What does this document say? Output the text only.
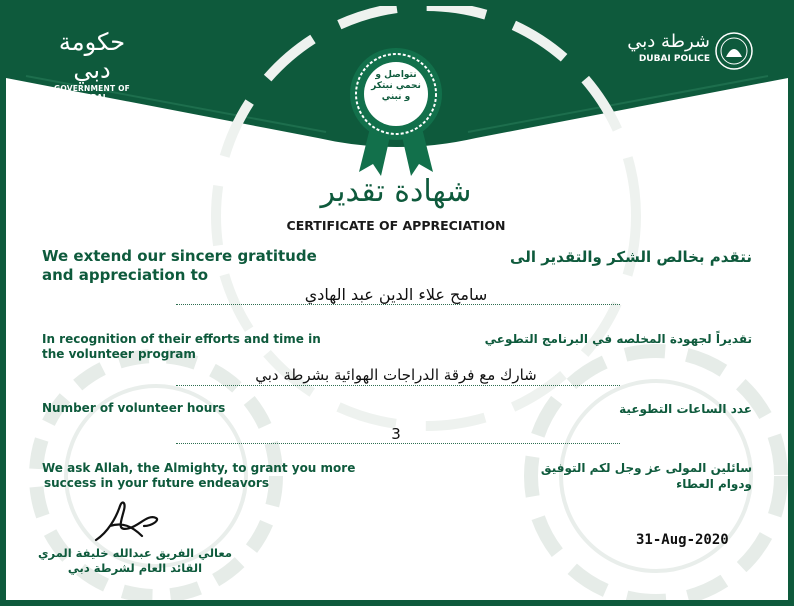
حكومة دبي
GOVERNMENT OF DUBAI
شرطة دبي
DUBAI POLICE
نتواصل و نحمي نبتكر و نبني
شهادة تقدير
CERTIFICATE OF APPRECIATION
We extend our sincere gratitude
and appreciation to
نتقدم بخالص الشكر والتقدير الى
سامح علاء الدين عبد الهادي
In recognition of their efforts and time in
the volunteer program
تقديراً لجهودة المخلصه في البرنامج التطوعي
شارك مع فرقة الدراجات الهوائية بشرطة دبي
Number of volunteer hours	عدد الساعات التطوعية
3
We ask Allah, the Almighty, to grant you more
success in your future endeavors
سائلين المولى عز وجل لكم التوفيق
ودوام العطاء
معالي الفريق عبدالله خليفة المري
القائد العام لشرطة دبي
31-Aug-2020
